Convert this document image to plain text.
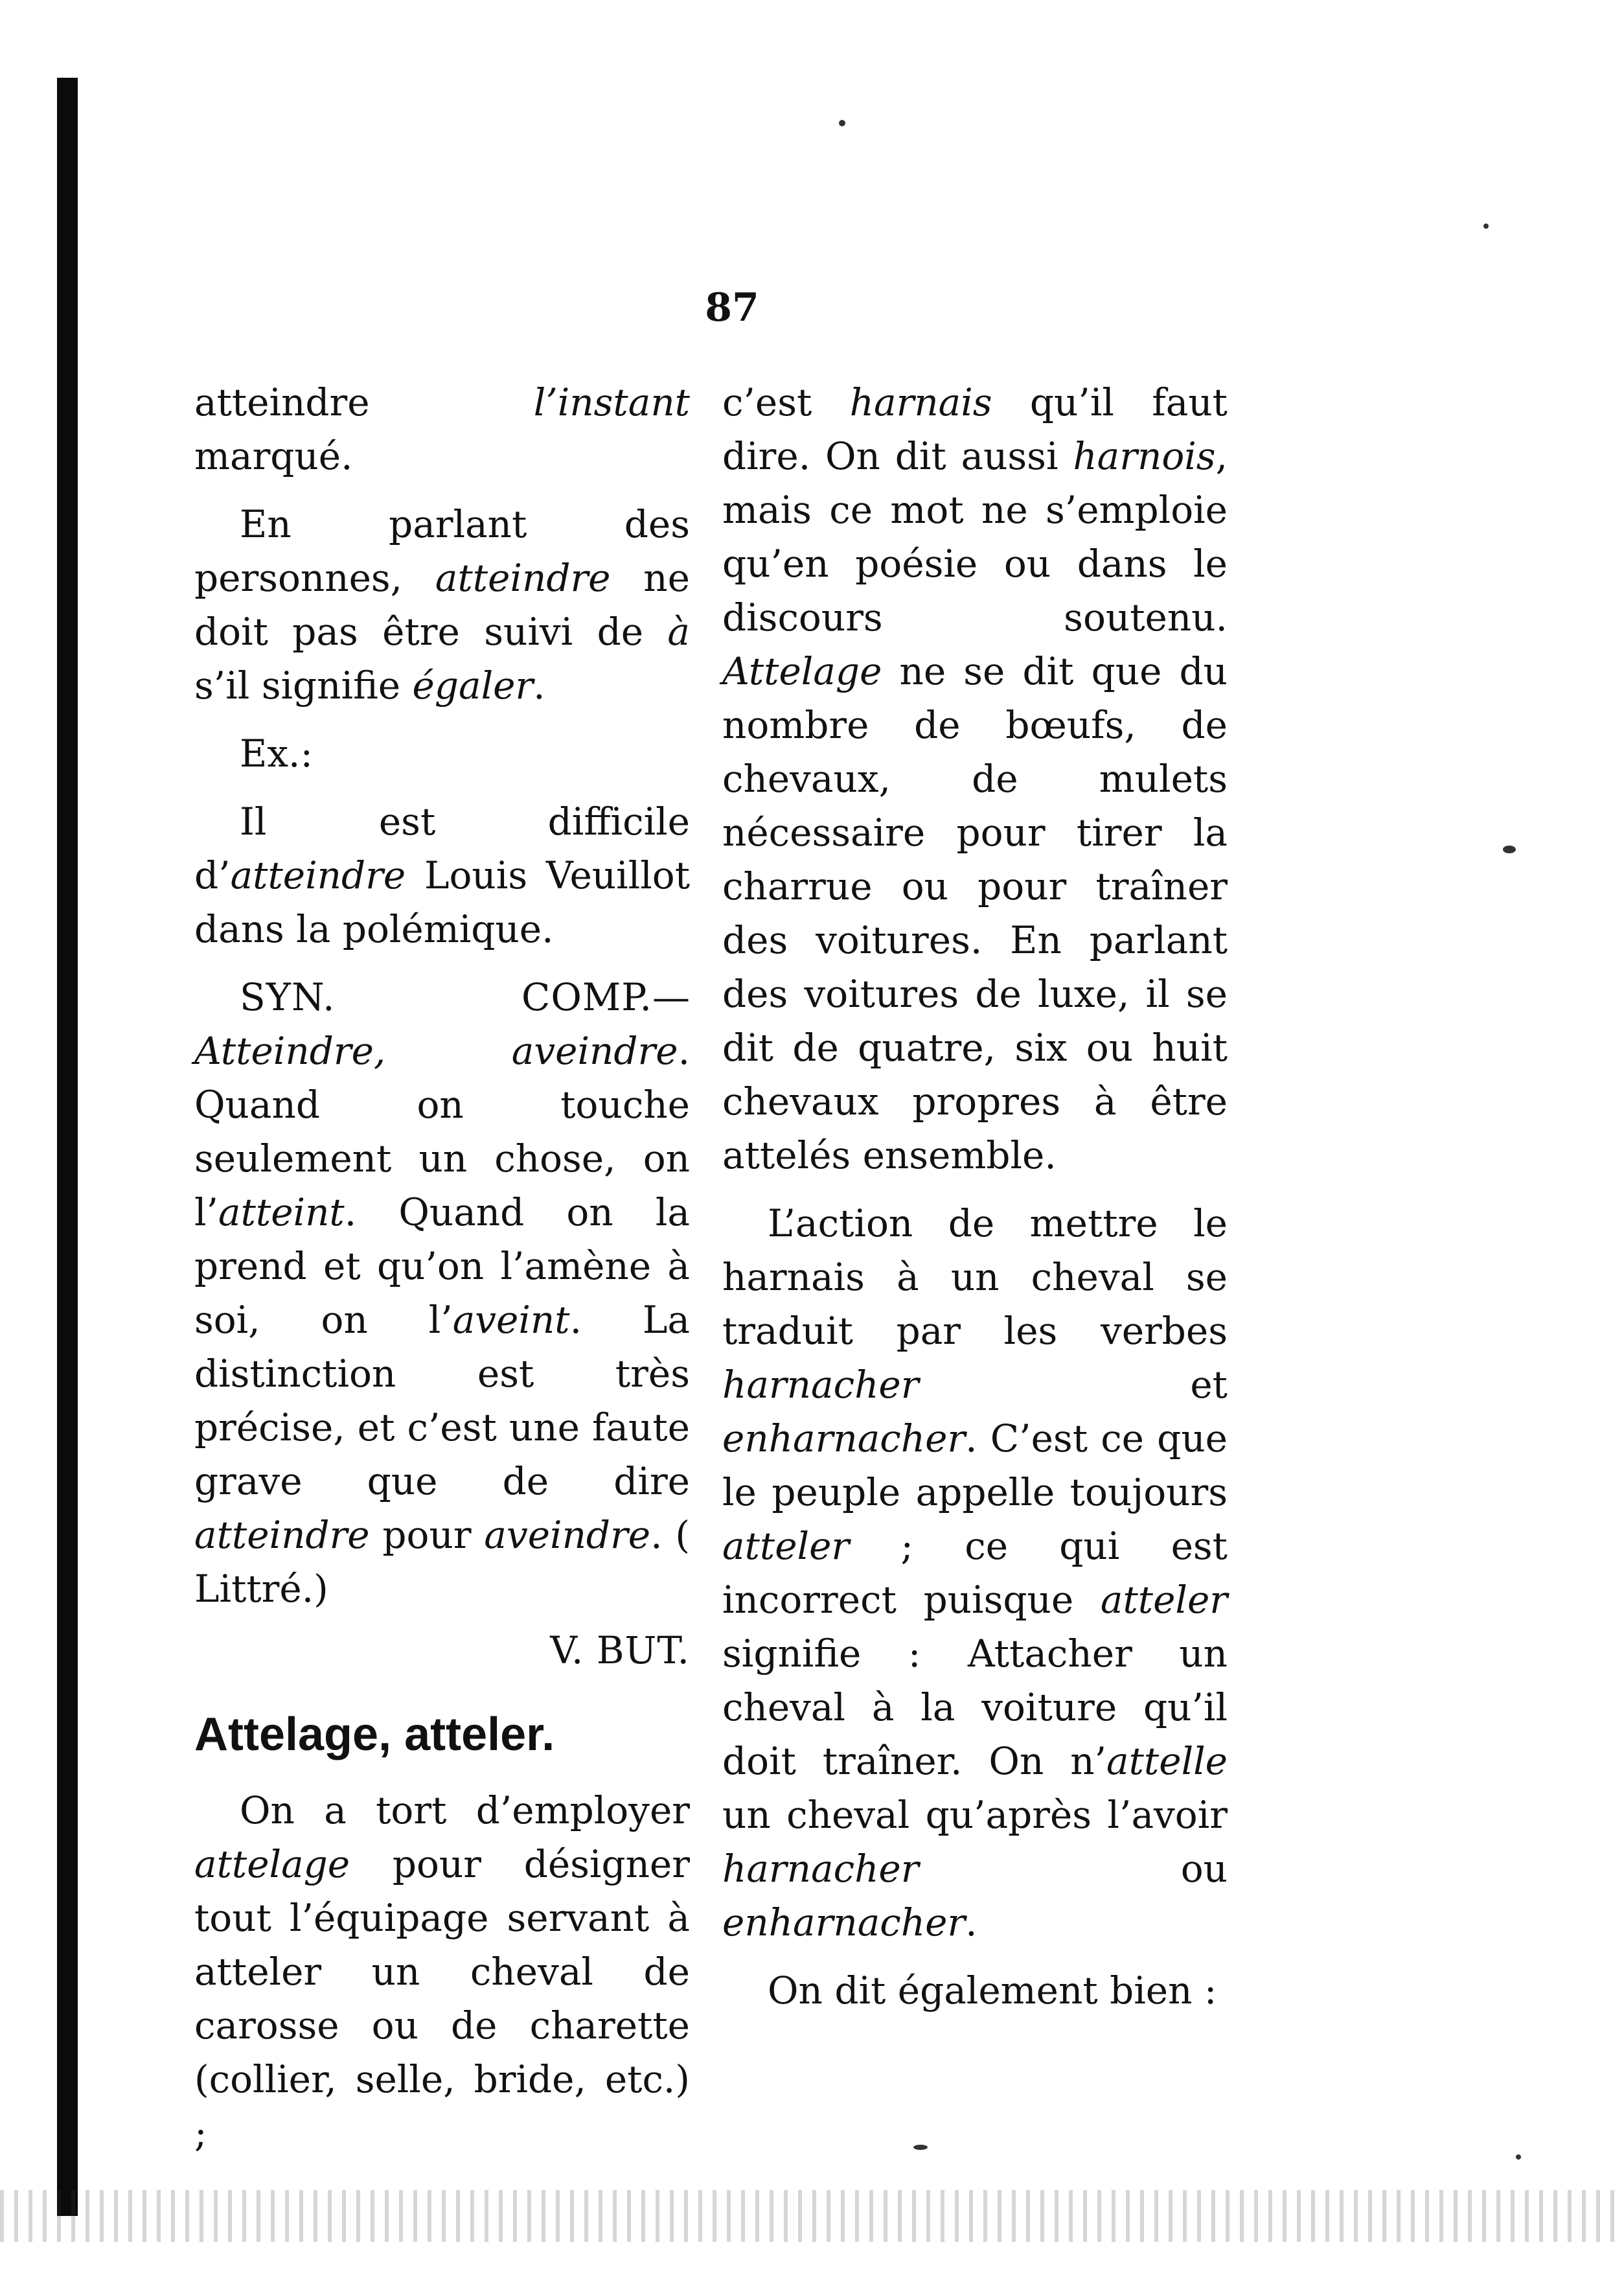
87

atteindre l’instant marqué.

En parlant des personnes, atteindre ne doit pas être suivi de à s’il signifie égaler.

Ex.:

Il est difficile d’atteindre Louis Veuillot dans la polémique.

SYN. COMP.—Atteindre, aveindre. Quand on touche seulement un chose, on l’atteint. Quand on la prend et qu’on l’amène à soi, on l’aveint. La distinction est très précise, et c’est une faute grave que de dire atteindre pour aveindre. ( Littré.)

V. BUT.

Attelage, atteler.

On a tort d’employer attelage pour désigner tout l’équipage servant à atteler un cheval de carosse ou de charette (collier, selle, bride, etc.) ;

c’est harnais qu’il faut dire. On dit aussi harnois, mais ce mot ne s’emploie qu’en poésie ou dans le discours soutenu. Attelage ne se dit que du nombre de bœufs, de chevaux, de mulets nécessaire pour tirer la charrue ou pour traîner des voitures. En parlant des voitures de luxe, il se dit de quatre, six ou huit chevaux propres à être attelés ensemble.

L’action de mettre le harnais à un cheval se traduit par les verbes harnacher et enharnacher. C’est ce que le peuple appelle toujours atteler ; ce qui est incorrect puisque atteler signifie : Attacher un cheval à la voiture qu’il doit traîner. On n’attelle un cheval qu’après l’avoir harnacher ou enharnacher.

On dit également bien :
